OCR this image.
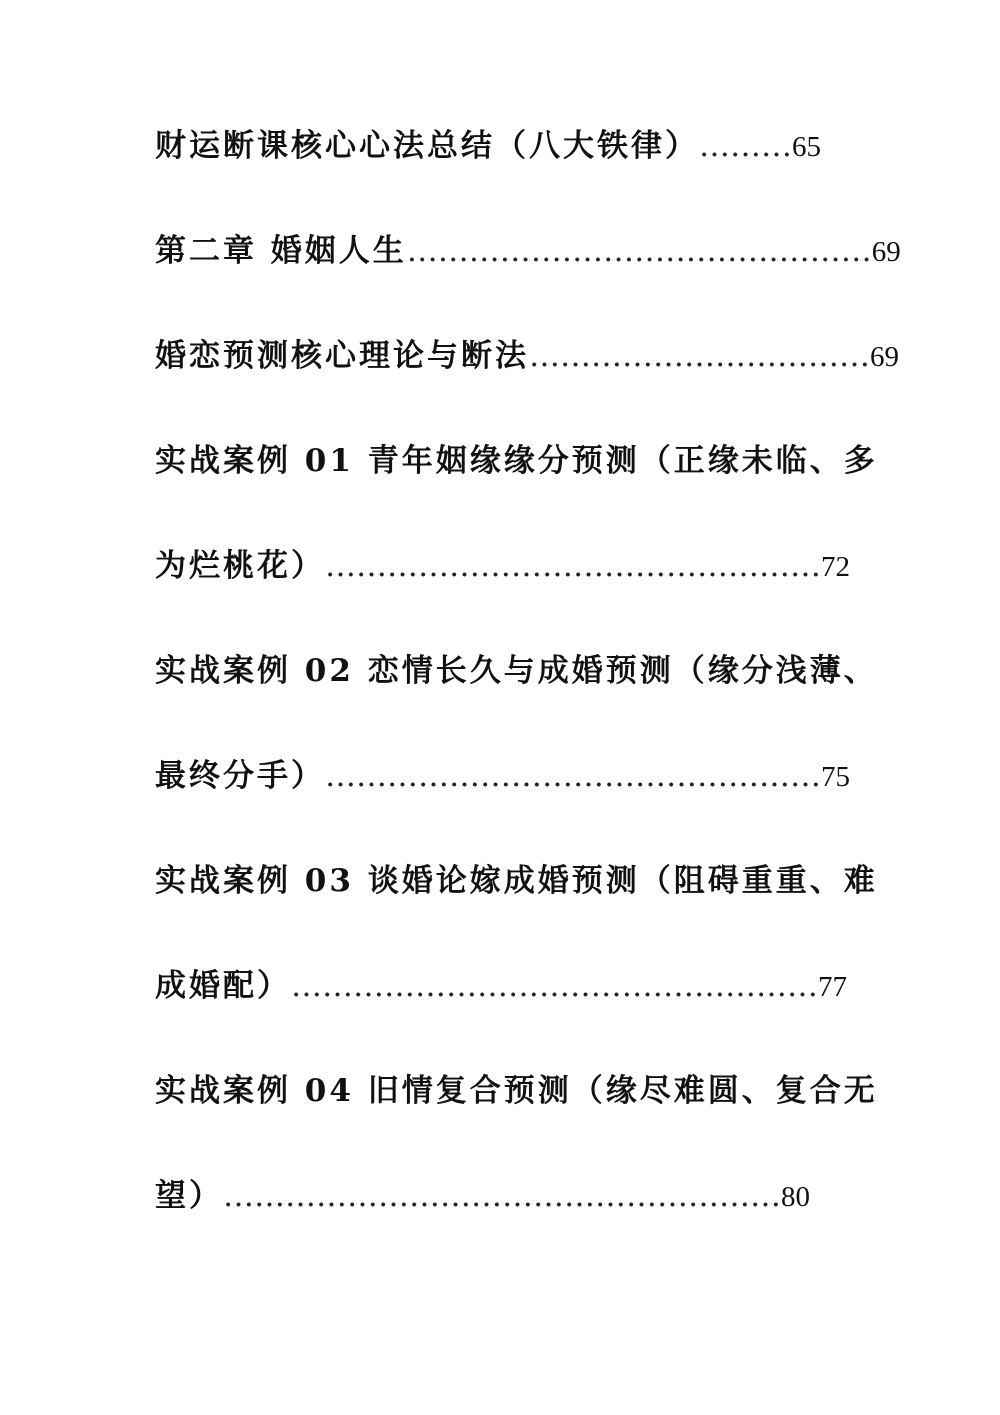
财运断课核心心法总结（八大铁律）………65
第二章 婚姻人生………………………………………69
婚恋预测核心理论与断法……………………………69
实战案例 01 青年姻缘缘分预测（正缘未临、多
为烂桃花）…………………………………………72
实战案例 02 恋情长久与成婚预测（缘分浅薄、
最终分手）…………………………………………75
实战案例 03 谈婚论嫁成婚预测（阻碍重重、难
成婚配）……………………………………………77
实战案例 04 旧情复合预测（缘尽难圆、复合无
望）………………………………………………80
